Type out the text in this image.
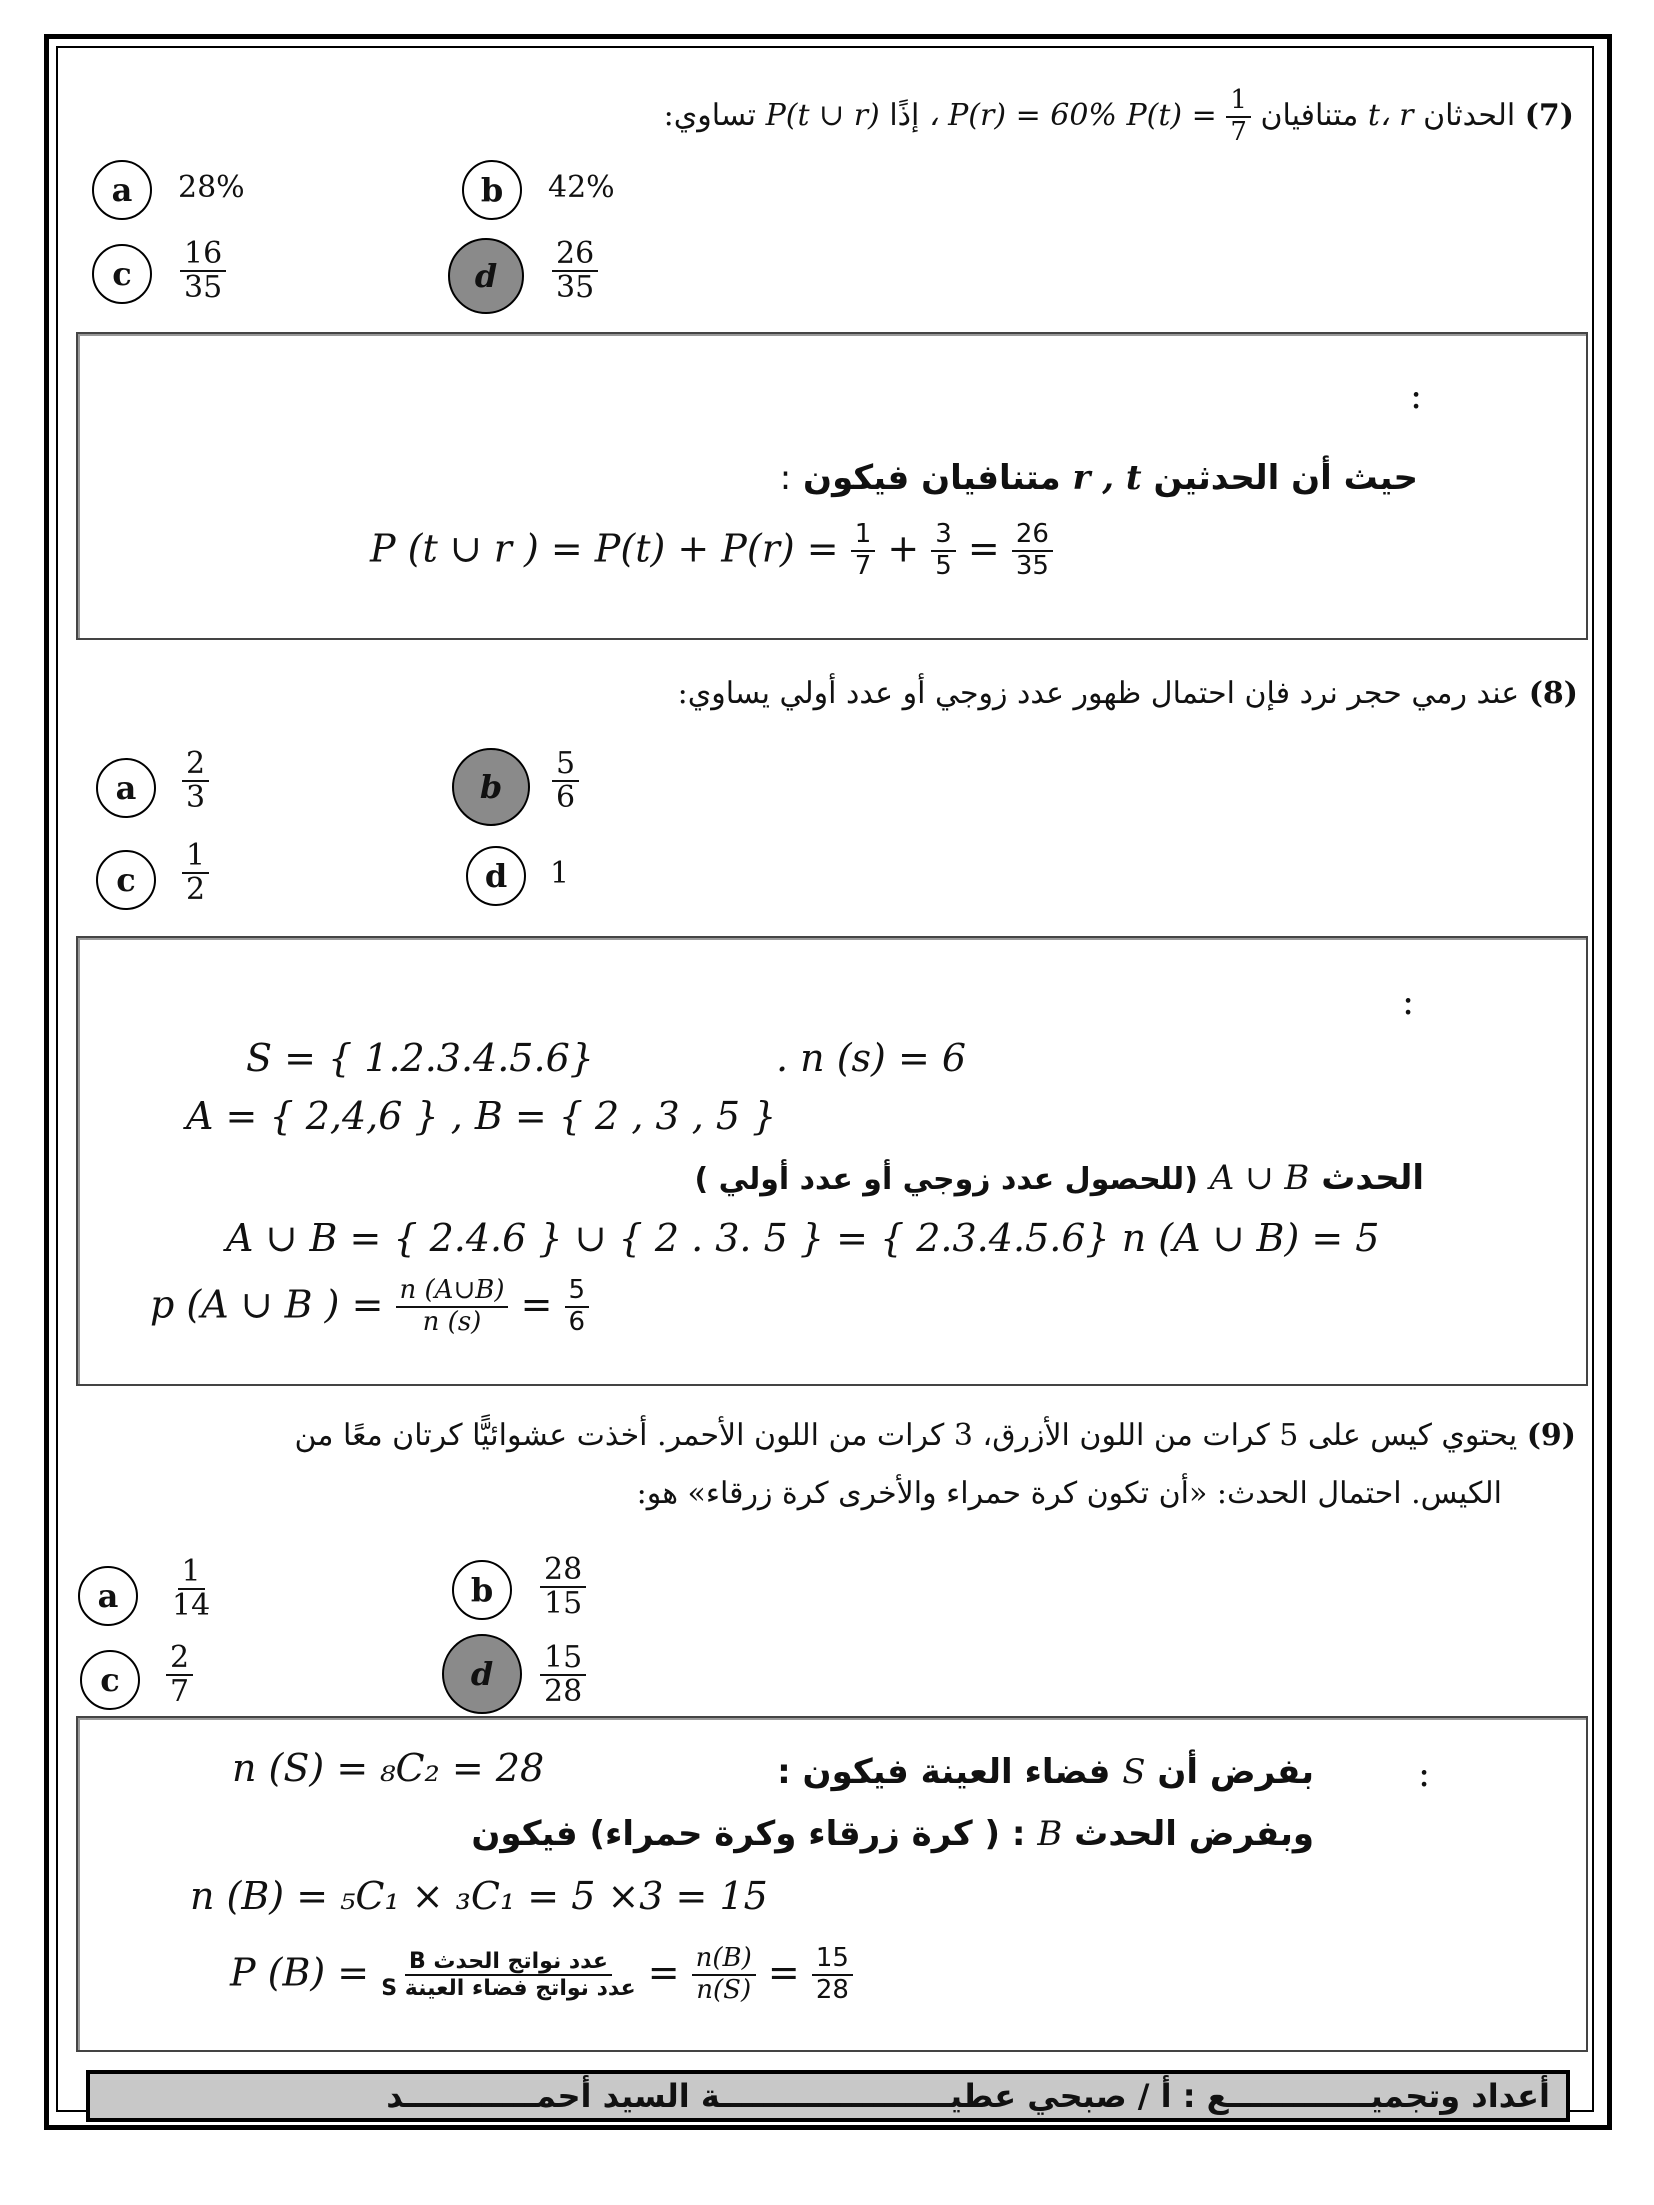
(7) الحدثان t، r متنافيان $P(t) = \frac{1}{7}$
، P(r) = 60% إذًا P(t ∪ r) تساوي:
a 28%	b 42%
c $\frac{16}{35}$	d $\frac{26}{35}$
:
حيث أن الحدثين r , t متنافيان فيكون :
P (t ∪ r ) = $P(t) + P(r) = \frac{1}{7} + \frac{3}{5} = \frac{26}{35}$
(8) عند رمي حجر نرد فإن احتمال ظهور عدد زوجي أو عدد أولي يساوي:
a $\frac{2}{3}$	b $\frac{5}{6}$
c $\frac{1}{2}$	d 1
:
S = { 1.2.3.4.5.6}	. n (s) = 6
A = { 2,4,6 } , B = { 2 , 3 , 5 }
الحدث A ∪ B (للحصول عدد زوجي أو عدد أولي )
A ∪ B = { 2.4.6 } ∪ { 2 . 3. 5 } = { 2.3.4.5.6} n (A ∪ B) = 5
p (A ∪ B ) = $\frac{n (A\cup B)}{n (s)} = \frac{5}{6}$
(9) يحتوي كيس على 5 كرات من اللون الأزرق، 3 كرات من اللون الأحمر. أخذت عشوائيًّا كرتان معًا من
الكيس. احتمال الحدث: «أن تكون كرة حمراء والأخرى كرة زرقاء» هو:
a $\frac{1}{14}$	b $\frac{28}{15}$
c $\frac{2}{7}$	d $\frac{15}{28}$
:
بفرض أن S فضاء العينة فيكون :
n (S) = ₈C₂ = 28
وبفرض الحدث B : ( كرة زرقاء وكرة حمراء) فيكون
n (B) = ₅C₁ × ₃C₁ = 5 ×3 = 15
P (B) = عدد نواتج الحدث B
عدد نواتج فضاء العينة $S = \frac{n(B)}{n(S)} = \frac{15}{28}$
أعداد وتجميـــــــــــــع : أ / صبحي عطيـــــــــــــــــــــة السيد أحمــــــــــــد
